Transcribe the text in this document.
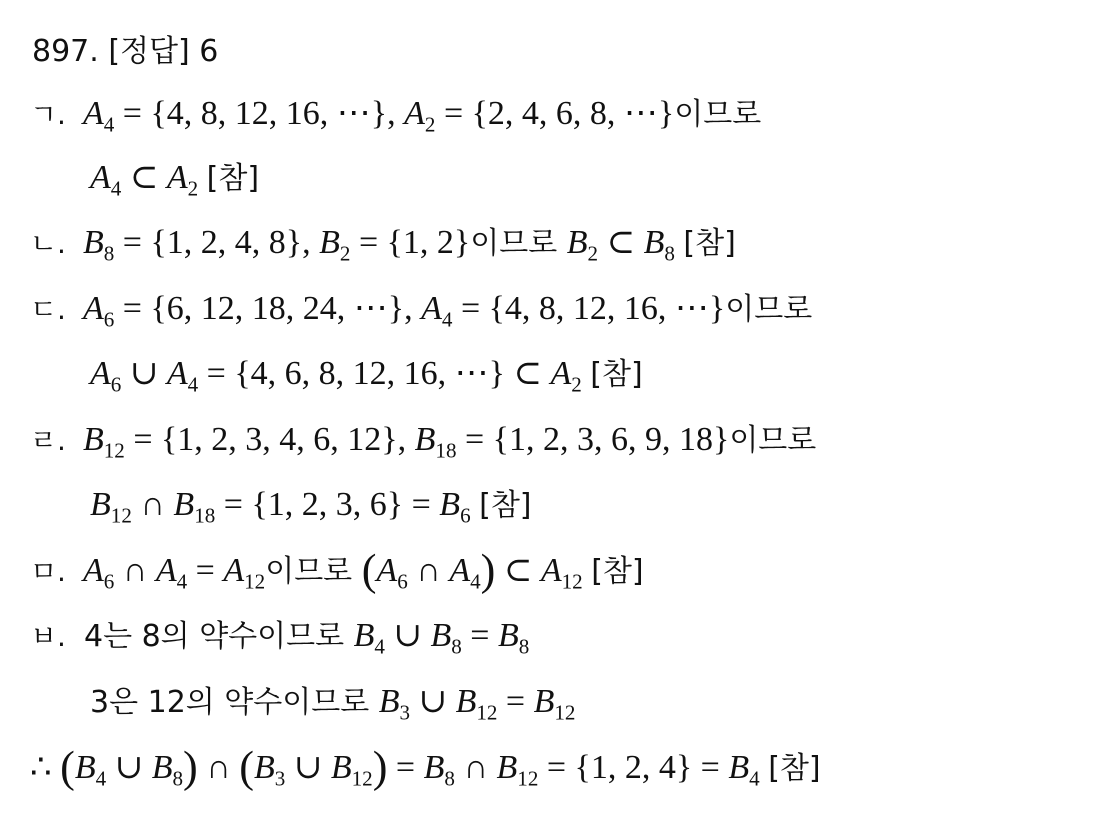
897. [정답] 6
ㄱ. $A_4 = \{4$, 8, 12, 16, ⋯}, $A_2 = \{2$, 4, 6, 8, ⋯}이므로
$A_4$ ⊂ $A_2$ [참]
ㄴ. $B_8 = \{1$, 2, 4, 8}, $B_2 = \{1$, 2}이므로 $B_2$ ⊂ $B_8$ [참]
ㄷ. $A_6 = \{6$, 12, 18, 24, ⋯}, $A_4 = \{4$, 8, 12, 16, ⋯}이므로
$A_6$ ∪ $A_4 = \{4$, 6, 8, 12, 16, ⋯} ⊂ $A_2$ [참]
ㄹ. $B_{12} = \{1$, 2, 3, 4, 6, 12}, $B_{18} = \{1$, 2, 3, 6, 9, 18}이므로
$B_{12}$ ∩ $B_{18} = \{1$, 2, 3, $6\} = B_6$ [참]
ㅁ. $A_6$ ∩ $A_4 = A_{12}$이므로 ($A_6$ ∩ $A_4$) ⊂ $A_{12}$ [참]
ㅂ.  4는 8의 약수이므로 $B_4$ ∪ $B_8 = B_8$
3은 12의 약수이므로 $B_3$ ∪ $B_{12} = B_{12}$
∴ ($B_4$ ∪ $B_8$) ∩ ($B_3$ ∪ $B_{12}) = B_8$ ∩ $B_{12} = \{1$, 2, $4\} = B_4$ [참]
